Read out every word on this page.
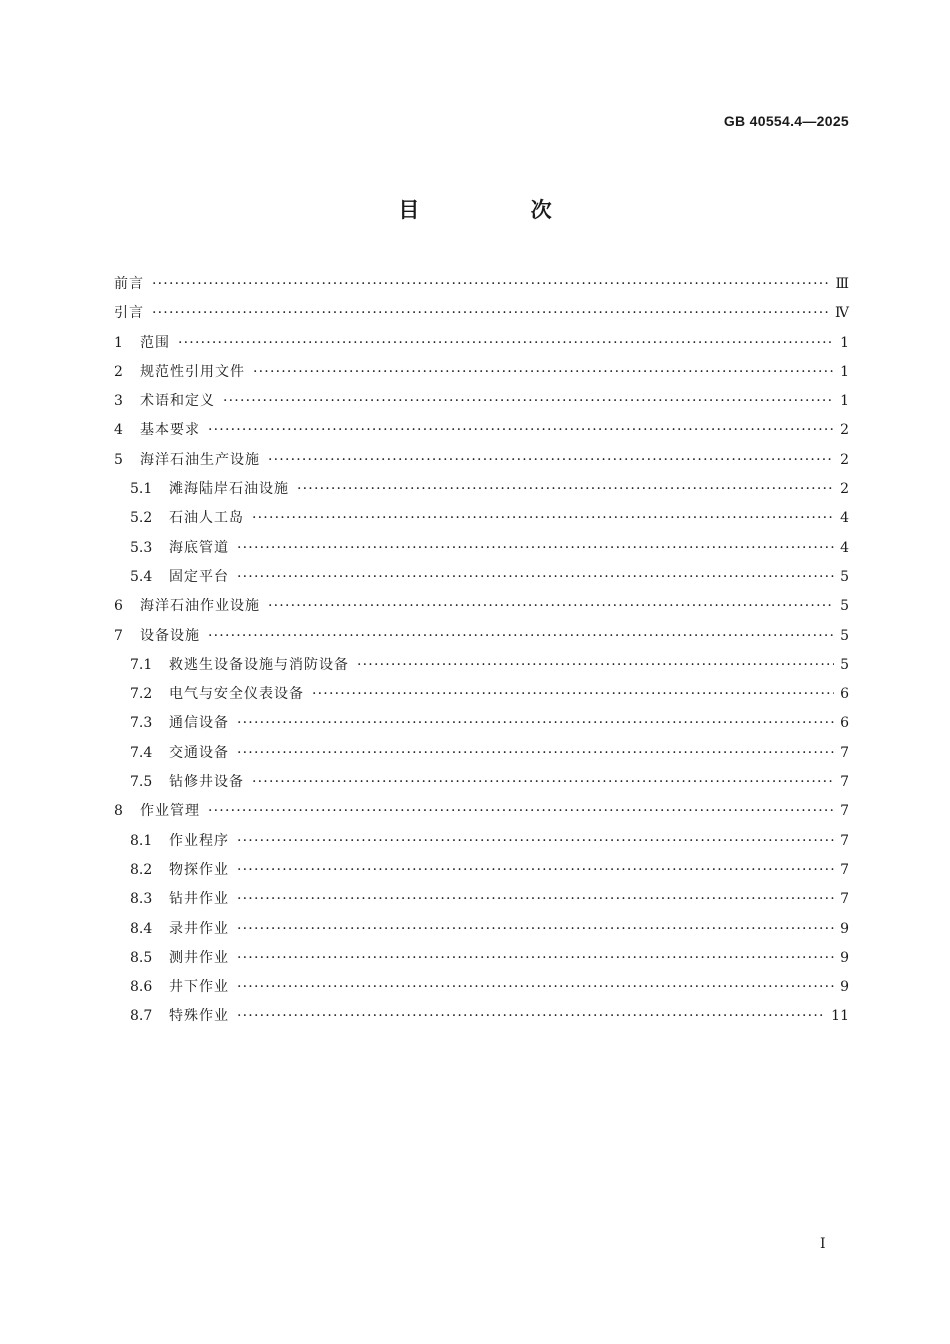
GB 40554.4—2025
目 次
前言 ·····	Ⅲ
引言 ·····	Ⅳ
1	范围 ·····	1
2	规范性引用文件 ·····	1
3	术语和定义 ·····	1
4	基本要求 ·····	2
5	海洋石油生产设施 ·····	2
5.1	滩海陆岸石油设施 ·····	2
5.2	石油人工岛 ·····	4
5.3	海底管道 ·····	4
5.4	固定平台 ·····	5
6	海洋石油作业设施 ·····	5
7	设备设施 ·····	5
7.1	救逃生设备设施与消防设备 ·····	5
7.2	电气与安全仪表设备 ·····	6
7.3	通信设备 ·····	6
7.4	交通设备 ·····	7
7.5	钻修井设备 ·····	7
8	作业管理 ·····	7
8.1	作业程序 ·····	7
8.2	物探作业 ·····	7
8.3	钻井作业 ·····	7
8.4	录井作业 ·····	9
8.5	测井作业 ·····	9
8.6	井下作业 ·····	9
8.7	特殊作业 ·····	11
I
